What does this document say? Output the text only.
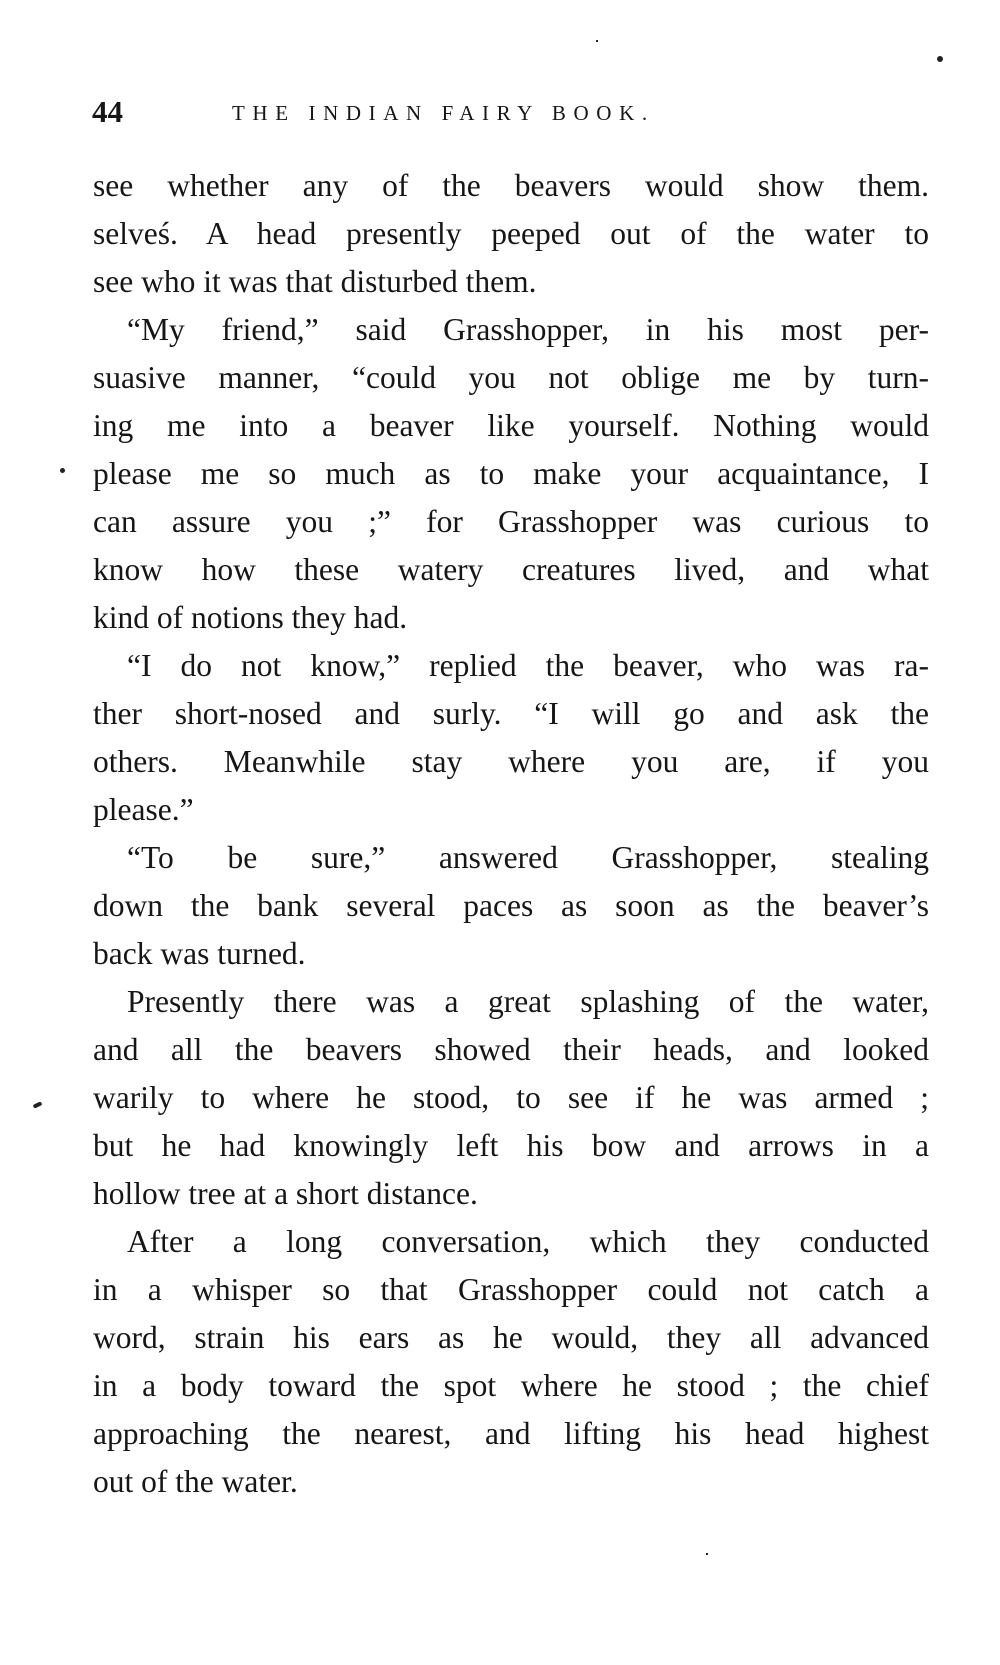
44	THE INDIAN FAIRY BOOK.
see whether any of the beavers would show them.
selveś. A head presently peeped out of the water to
see who it was that disturbed them.
“My friend,” said Grasshopper, in his most per-
suasive manner, “could you not oblige me by turn-
ing me into a beaver like yourself. Nothing would
please me so much as to make your acquaintance, I
can assure you ;” for Grasshopper was curious to
know how these watery creatures lived, and what
kind of notions they had.
“I do not know,” replied the beaver, who was ra-
ther short-nosed and surly. “I will go and ask the
others. Meanwhile stay where you are, if you
please.”
“To be sure,” answered Grasshopper, stealing
down the bank several paces as soon as the beaver’s
back was turned.
Presently there was a great splashing of the water,
and all the beavers showed their heads, and looked
warily to where he stood, to see if he was armed ;
but he had knowingly left his bow and arrows in a
hollow tree at a short distance.
After a long conversation, which they conducted
in a whisper so that Grasshopper could not catch a
word, strain his ears as he would, they all advanced
in a body toward the spot where he stood ; the chief
approaching the nearest, and lifting his head highest
out of the water.
